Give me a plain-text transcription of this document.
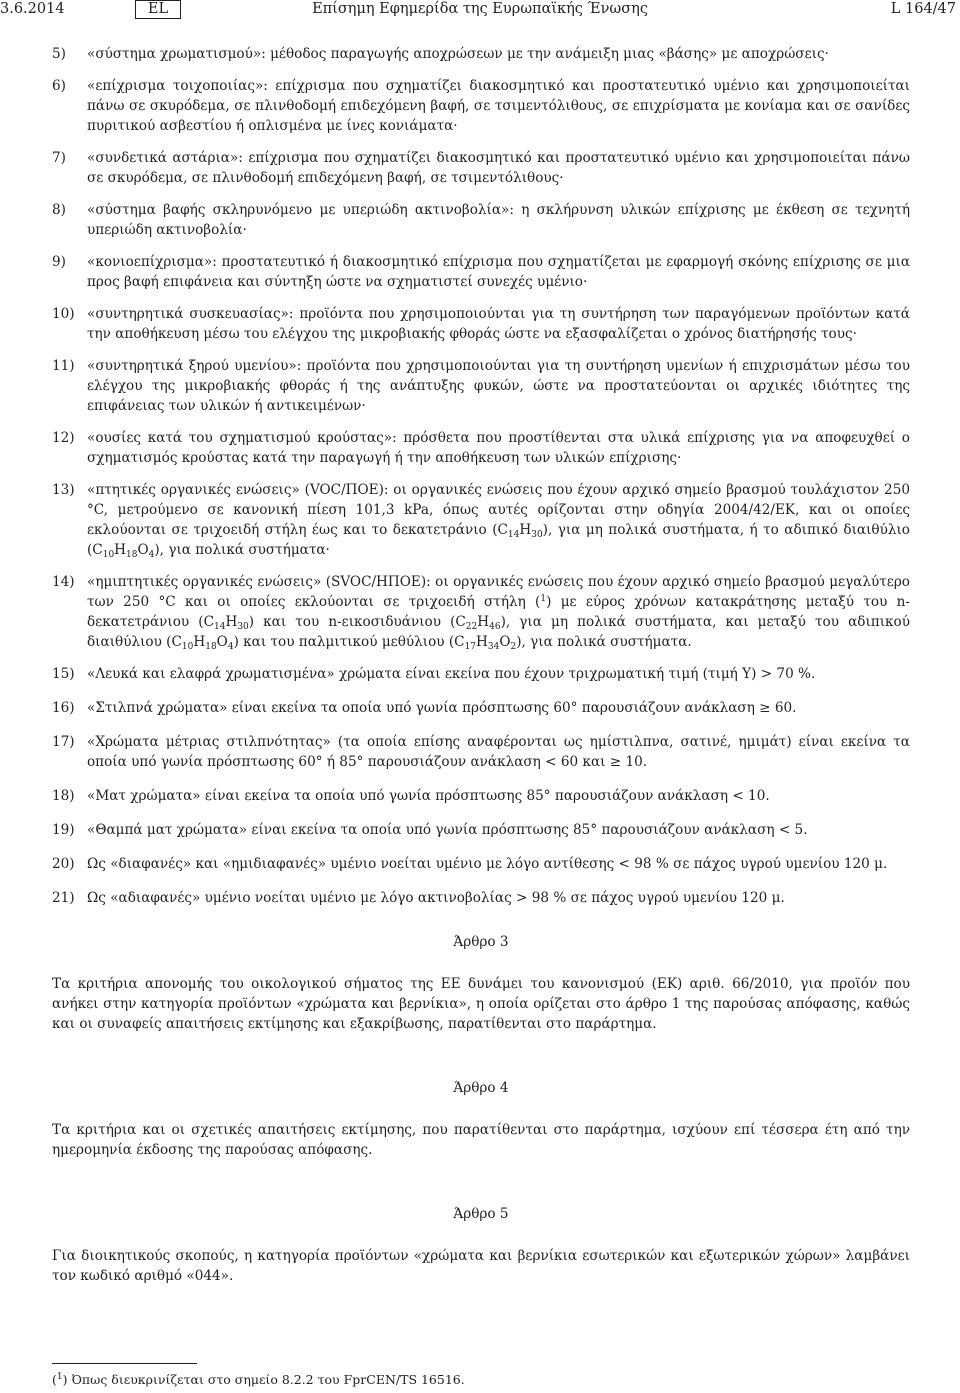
3.6.2014	EL	Επίσημη Εφημερίδα της Ευρωπαϊκής Ένωσης	L 164/47
5) «σύστημα χρωματισμού»: μέθοδος παραγωγής αποχρώσεων με την ανάμειξη μιας «βάσης» με αποχρώσεις·
6) «επίχρισμα τοιχοποιίας»: επίχρισμα που σχηματίζει διακοσμητικό και προστατευτικό υμένιο και χρησιμοποιείται πάνω σε σκυρόδεμα, σε πλινθοδομή επιδεχόμενη βαφή, σε τσιμεντόλιθους, σε επιχρίσματα με κονίαμα και σε σανίδες πυριτικού ασβεστίου ή οπλισμένα με ίνες κονιάματα·
7) «συνδετικά αστάρια»: επίχρισμα που σχηματίζει διακοσμητικό και προστατευτικό υμένιο και χρησιμοποιείται πάνω σε σκυρόδεμα, σε πλινθοδομή επιδεχόμενη βαφή, σε τσιμεντόλιθους·
8) «σύστημα βαφής σκληρυνόμενο με υπεριώδη ακτινοβολία»: η σκλήρυνση υλικών επίχρισης με έκθεση σε τεχνητή υπεριώδη ακτινοβολία·
9) «κονιοεπίχρισμα»: προστατευτικό ή διακοσμητικό επίχρισμα που σχηματίζεται με εφαρμογή σκόνης επίχρισης σε μια προς βαφή επιφάνεια και σύντηξη ώστε να σχηματιστεί συνεχές υμένιο·
10) «συντηρητικά συσκευασίας»: προϊόντα που χρησιμοποιούνται για τη συντήρηση των παραγόμενων προϊόντων κατά την αποθήκευση μέσω του ελέγχου της μικροβιακής φθοράς ώστε να εξασφαλίζεται ο χρόνος διατήρησής τους·
11) «συντηρητικά ξηρού υμενίου»: προϊόντα που χρησιμοποιούνται για τη συντήρηση υμενίων ή επιχρισμάτων μέσω του ελέγχου της μικροβιακής φθοράς ή της ανάπτυξης φυκών, ώστε να προστατεύονται οι αρχικές ιδιότητες της επιφάνειας των υλικών ή αντικειμένων·
12) «ουσίες κατά του σχηματισμού κρούστας»: πρόσθετα που προστίθενται στα υλικά επίχρισης για να αποφευχθεί ο σχηματισμός κρούστας κατά την παραγωγή ή την αποθήκευση των υλικών επίχρισης·
13) «πτητικές οργανικές ενώσεις» (VOC/ΠΟΕ): οι οργανικές ενώσεις που έχουν αρχικό σημείο βρασμού τουλάχιστον 250 °C, μετρούμενο σε κανονική πίεση 101,3 kPa, όπως αυτές ορίζονται στην οδηγία 2004/42/ΕΚ, και οι οποίες εκλούονται σε τριχοειδή στήλη έως και το δεκατετράνιο $(C_{14}H_{30})$, για μη πολικά συστήματα, ή το αδιπικό διαιθύλιο $(C_{10}H_{18}O_4)$, για πολικά συστήματα·
14) «ημιπτητικές οργανικές ενώσεις» (SVOC/ΗΠΟΕ): οι οργανικές ενώσεις που έχουν αρχικό σημείο βρασμού μεγαλύτερο των 250 °C και οι οποίες εκλούονται σε τριχοειδή στήλη ($^1$) με εύρος χρόνων κατακράτησης μεταξύ του n-δεκατετράνιου $(C_{14}H_{30})$ και του n-εικοσιδυάνιου $(C_{22}H_{46})$, για μη πολικά συστήματα, και μεταξύ του αδιπικού διαιθύλιου $(C_{10}H_{18}O_4)$ και του παλμιτικού μεθύλιου $(C_{17}H_{34}O_2)$, για πολικά συστήματα.
15) «Λευκά και ελαφρά χρωματισμένα» χρώματα είναι εκείνα που έχουν τριχρωματική τιμή (τιμή Y) > 70 %.
16) «Στιλπνά χρώματα» είναι εκείνα τα οποία υπό γωνία πρόσπτωσης 60° παρουσιάζουν ανάκλαση ≥ 60.
17) «Χρώματα μέτριας στιλπνότητας» (τα οποία επίσης αναφέρονται ως ημίστιλπνα, σατινέ, ημιμάτ) είναι εκείνα τα οποία υπό γωνία πρόσπτωσης 60° ή 85° παρουσιάζουν ανάκλαση < 60 και ≥ 10.
18) «Ματ χρώματα» είναι εκείνα τα οποία υπό γωνία πρόσπτωσης 85° παρουσιάζουν ανάκλαση < 10.
19) «Θαμπά ματ χρώματα» είναι εκείνα τα οποία υπό γωνία πρόσπτωσης 85° παρουσιάζουν ανάκλαση < 5.
20) Ως «διαφανές» και «ημιδιαφανές» υμένιο νοείται υμένιο με λόγο αντίθεσης < 98 % σε πάχος υγρού υμενίου 120 μ.
21) Ως «αδιαφανές» υμένιο νοείται υμένιο με λόγο ακτινοβολίας > 98 % σε πάχος υγρού υμενίου 120 μ.
Άρθρο 3
Τα κριτήρια απονομής του οικολογικού σήματος της ΕΕ δυνάμει του κανονισμού (ΕΚ) αριθ. 66/2010, για προϊόν που ανήκει στην κατηγορία προϊόντων «χρώματα και βερνίκια», η οποία ορίζεται στο άρθρο 1 της παρούσας απόφασης, καθώς και οι συναφείς απαιτήσεις εκτίμησης και εξακρίβωσης, παρατίθενται στο παράρτημα.
Άρθρο 4
Τα κριτήρια και οι σχετικές απαιτήσεις εκτίμησης, που παρατίθενται στο παράρτημα, ισχύουν επί τέσσερα έτη από την ημερομηνία έκδοσης της παρούσας απόφασης.
Άρθρο 5
Για διοικητικούς σκοπούς, η κατηγορία προϊόντων «χρώματα και βερνίκια εσωτερικών και εξωτερικών χώρων» λαμβάνει τον κωδικό αριθμό «044».
($^1$) Όπως διευκρινίζεται στο σημείο 8.2.2 του FprCEN/TS 16516.
